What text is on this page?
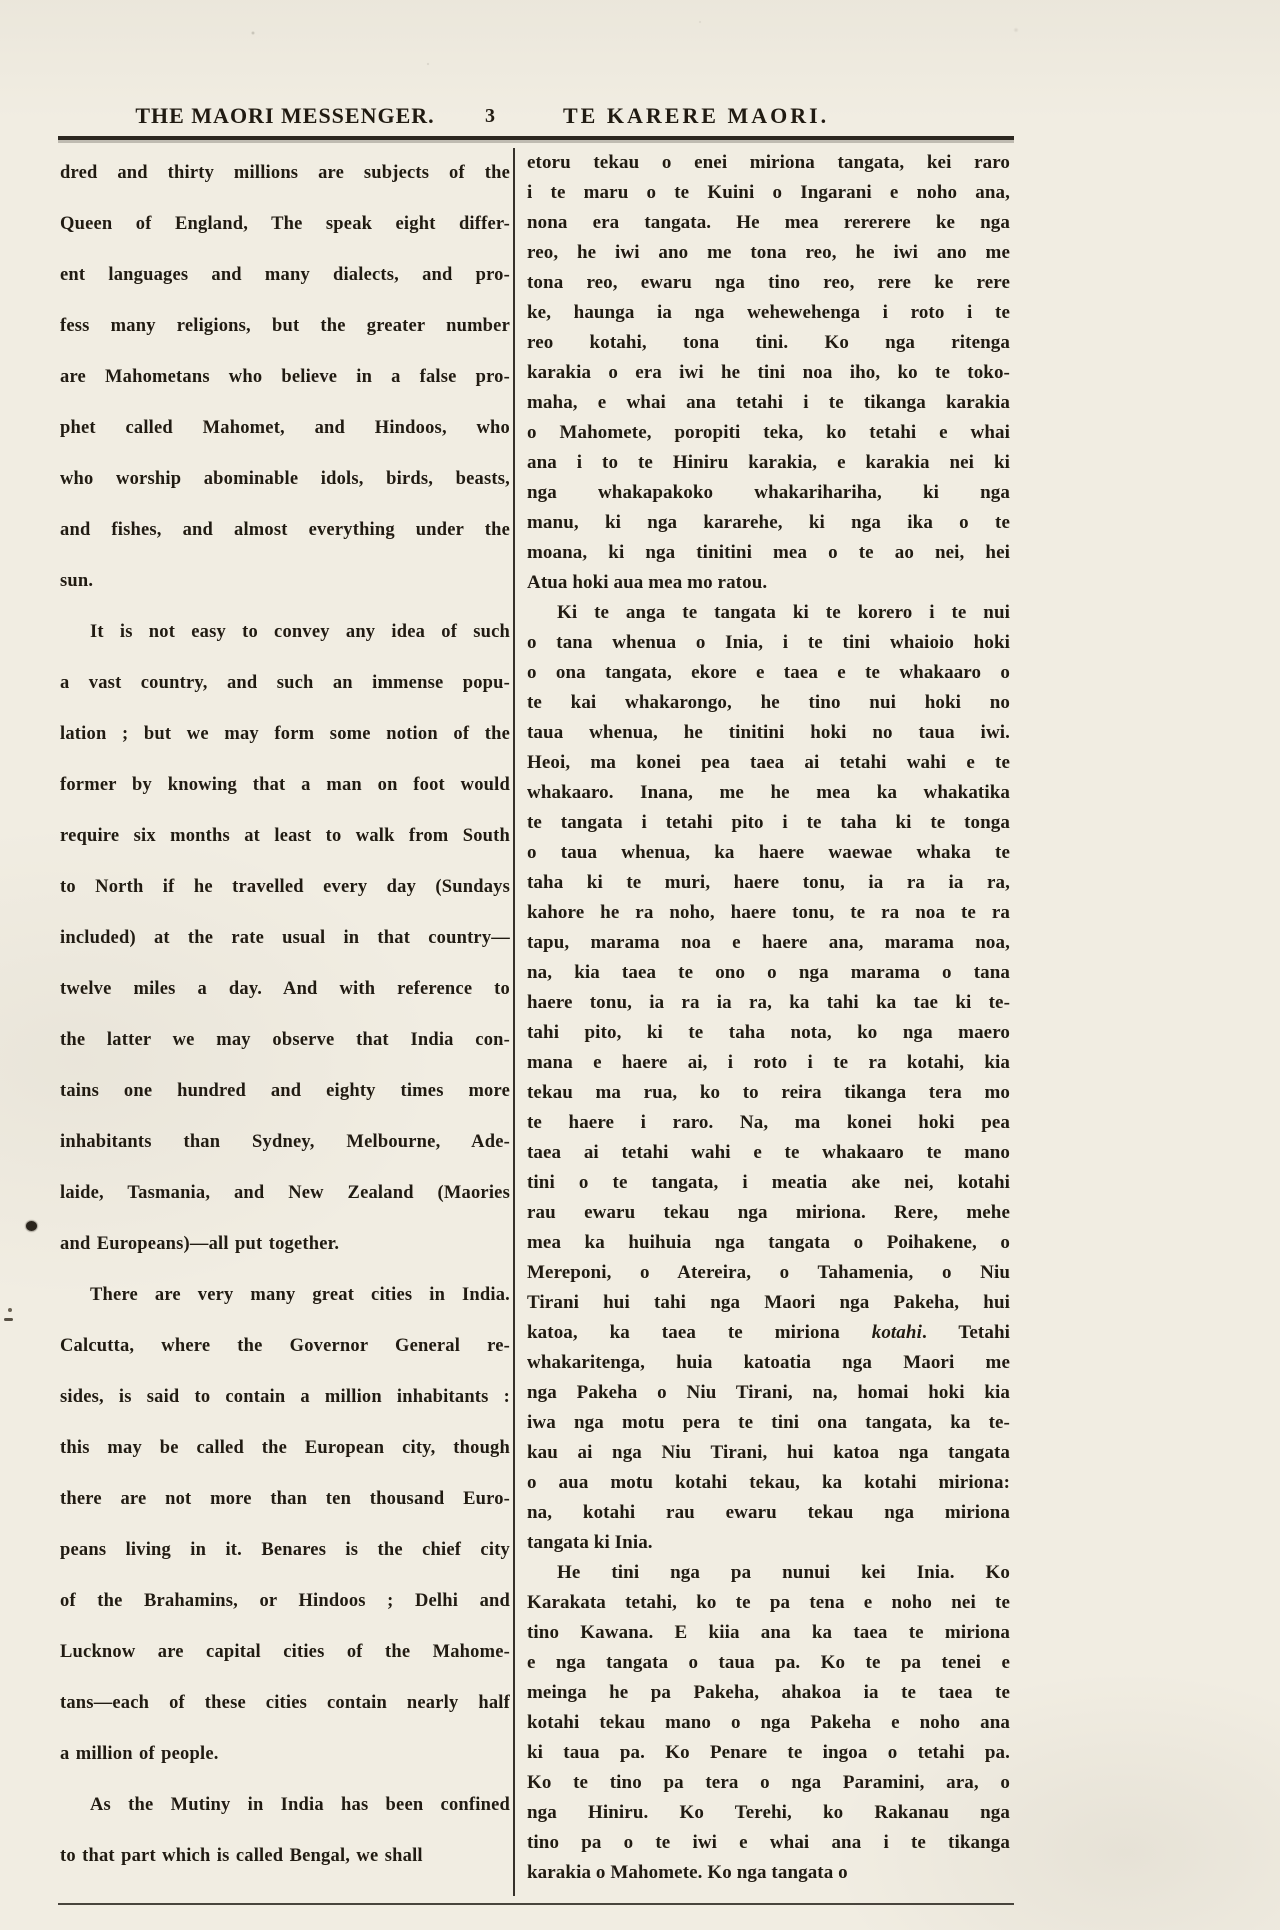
THE MAORI MESSENGER.	3	TE KARERE MAORI.
dred and thirty millions are subjects of the
Queen of England, The speak eight differ-
ent languages and many dialects, and pro-
fess many religions, but the greater number
are Mahometans who believe in a false pro-
phet called Mahomet, and Hindoos, who
who worship abominable idols, birds, beasts,
and fishes, and almost everything under the
sun.
It is not easy to convey any idea of such
a vast country, and such an immense popu-
lation ; but we may form some notion of the
former by knowing that a man on foot would
require six months at least to walk from South
to North if he travelled every day (Sundays
included) at the rate usual in that country—
twelve miles a day. And with reference to
the latter we may observe that India con-
tains one hundred and eighty times more
inhabitants than Sydney, Melbourne, Ade-
laide, Tasmania, and New Zealand (Maories
and Europeans)—all put together.
There are very many great cities in India.
Calcutta, where the Governor General re-
sides, is said to contain a million inhabitants :
this may be called the European city, though
there are not more than ten thousand Euro-
peans living in it. Benares is the chief city
of the Brahamins, or Hindoos ; Delhi and
Lucknow are capital cities of the Mahome-
tans—each of these cities contain nearly half
a million of people.
As the Mutiny in India has been confined
to that part which is called Bengal, we shall
etoru tekau o enei miriona tangata, kei raro
i te maru o te Kuini o Ingarani e noho ana,
nona era tangata. He mea rererere ke nga
reo, he iwi ano me tona reo, he iwi ano me
tona reo, ewaru nga tino reo, rere ke rere
ke, haunga ia nga wehewehenga i roto i te
reo kotahi, tona tini. Ko nga ritenga
karakia o era iwi he tini noa iho, ko te toko-
maha, e whai ana tetahi i te tikanga karakia
o Mahomete, poropiti teka, ko tetahi e whai
ana i to te Hiniru karakia, e karakia nei ki
nga whakapakoko whakarihariha, ki nga
manu, ki nga kararehe, ki nga ika o te
moana, ki nga tinitini mea o te ao nei, hei
Atua hoki aua mea mo ratou.
Ki te anga te tangata ki te korero i te nui
o tana whenua o Inia, i te tini whaioio hoki
o ona tangata, ekore e taea e te whakaaro o
te kai whakarongo, he tino nui hoki no
taua whenua, he tinitini hoki no taua iwi.
Heoi, ma konei pea taea ai tetahi wahi e te
whakaaro. Inana, me he mea ka whakatika
te tangata i tetahi pito i te taha ki te tonga
o taua whenua, ka haere waewae whaka te
taha ki te muri, haere tonu, ia ra ia ra,
kahore he ra noho, haere tonu, te ra noa te ra
tapu, marama noa e haere ana, marama noa,
na, kia taea te ono o nga marama o tana
haere tonu, ia ra ia ra, ka tahi ka tae ki te-
tahi pito, ki te taha nota, ko nga maero
mana e haere ai, i roto i te ra kotahi, kia
tekau ma rua, ko to reira tikanga tera mo
te haere i raro. Na, ma konei hoki pea
taea ai tetahi wahi e te whakaaro te mano
tini o te tangata, i meatia ake nei, kotahi
rau ewaru tekau nga miriona. Rere, mehe
mea ka huihuia nga tangata o Poihakene, o
Mereponi, o Atereira, o Tahamenia, o Niu
Tirani hui tahi nga Maori nga Pakeha, hui
katoa, ka taea te miriona kotahi. Tetahi
whakaritenga, huia katoatia nga Maori me
nga Pakeha o Niu Tirani, na, homai hoki kia
iwa nga motu pera te tini ona tangata, ka te-
kau ai nga Niu Tirani, hui katoa nga tangata
o aua motu kotahi tekau, ka kotahi miriona:
na, kotahi rau ewaru tekau nga miriona
tangata ki Inia.
He tini nga pa nunui kei Inia. Ko
Karakata tetahi, ko te pa tena e noho nei te
tino Kawana. E kiia ana ka taea te miriona
e nga tangata o taua pa. Ko te pa tenei e
meinga he pa Pakeha, ahakoa ia te taea te
kotahi tekau mano o nga Pakeha e noho ana
ki taua pa. Ko Penare te ingoa o tetahi pa.
Ko te tino pa tera o nga Paramini, ara, o
nga Hiniru. Ko Terehi, ko Rakanau nga
tino pa o te iwi e whai ana i te tikanga
karakia o Mahomete. Ko nga tangata o
